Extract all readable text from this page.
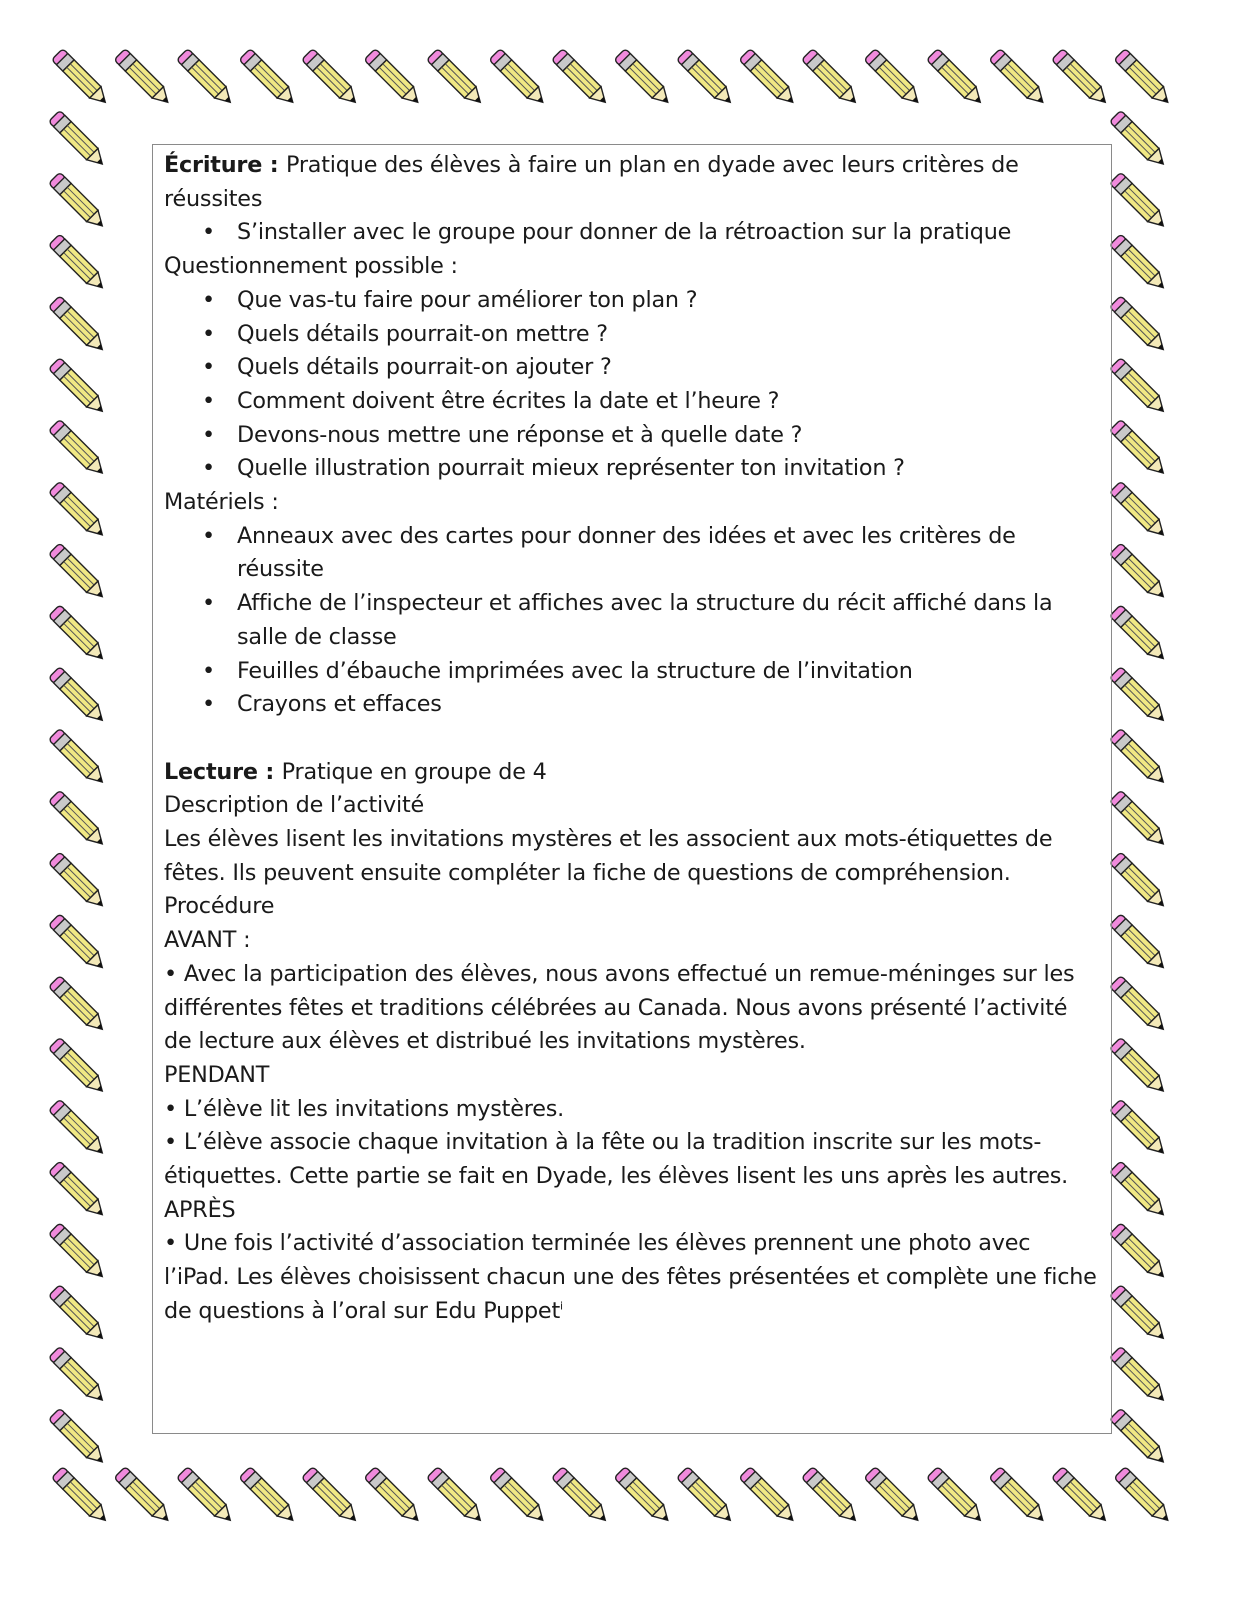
Écriture : Pratique des élèves à faire un plan en dyade avec leurs critères de réussites

• S’installer avec le groupe pour donner de la rétroaction sur la pratique

Questionnement possible :

• Que vas-tu faire pour améliorer ton plan ?
• Quels détails pourrait-on mettre ?
• Quels détails pourrait-on ajouter ?
• Comment doivent être écrites la date et l’heure ?
• Devons-nous mettre une réponse et à quelle date ?
• Quelle illustration pourrait mieux représenter ton invitation ?

Matériels :

• Anneaux avec des cartes pour donner des idées et avec les critères de réussite
• Affiche de l’inspecteur et affiches avec la structure du récit affiché dans la salle de classe
• Feuilles d’ébauche imprimées avec la structure de l’invitation
• Crayons et effaces

Lecture : Pratique en groupe de 4

Description de l’activité

Les élèves lisent les invitations mystères et les associent aux mots-étiquettes de fêtes. Ils peuvent ensuite compléter la fiche de questions de compréhension.

Procédure

AVANT :

• Avec la participation des élèves, nous avons effectué un remue-méninges sur les différentes fêtes et traditions célébrées au Canada. Nous avons présenté l’activité de lecture aux élèves et distribué les invitations mystères.

PENDANT

• L’élève lit les invitations mystères.

• L’élève associe chaque invitation à la fête ou la tradition inscrite sur les mots-étiquettes. Cette partie se fait en Dyade, les élèves lisent les uns après les autres.

APRÈS

• Une fois l’activité d’association terminée les élèves prennent une photo avec l’iPad. Les élèves choisissent chacun une des fêtes présentées et complète une fiche de questions à l’oral sur Edu Puppet$^i$
